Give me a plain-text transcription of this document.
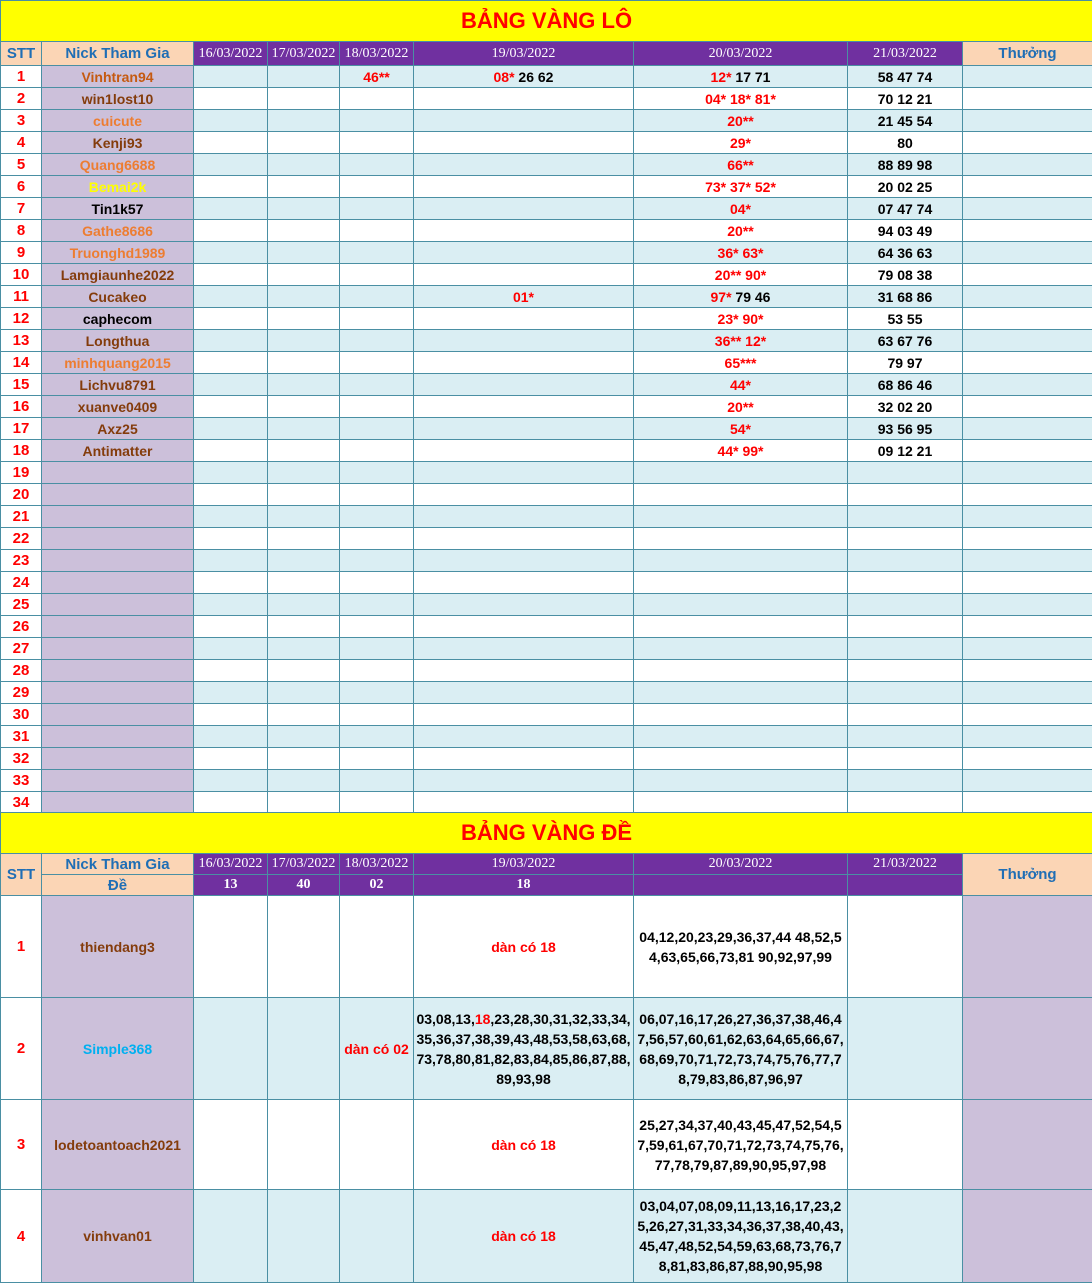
BẢNG VÀNG LÔ									
STT	Nick Tham Gia	16/03/2022	17/03/2022	18/03/2022	19/03/2022	20/03/2022	21/03/2022	Thưởng	
1	Vinhtran94			46**	08* 26 62	12* 17 71	58 47 74		
2	win1lost10					04* 18* 81*	70 12 21		
3	cuicute					20**	21 45 54		
4	Kenji93					29*	80		
5	Quang6688					66**	88 89 98		
6	Bemai2k					73* 37* 52*	20 02 25		
7	Tin1k57					04*	07 47 74		
8	Gathe8686					20**	94 03 49		
9	Truonghd1989					36* 63*	64 36 63		
10	Lamgiaunhe2022					20** 90*	79 08 38		
11	Cucakeo				01*	97* 79 46	31 68 86		
12	caphecom					23* 90*	53 55		
13	Longthua					36** 12*	63 67 76		
14	minhquang2015					65***	79 97		
15	Lichvu8791					44*	68 86 46		
16	xuanve0409					20**	32 02 20		
17	Axz25					54*	93 56 95		
18	Antimatter					44* 99*	09 12 21		
19									
20									
21									
22									
23									
24									
25									
26									
27									
28									
29									
30									
31									
32									
33									
34									
BẢNG VÀNG ĐỀ								
STT	Nick Tham Gia	16/03/2022	17/03/2022	18/03/2022	19/03/2022	20/03/2022	21/03/2022	Thưởng
	Đề	13	40	02	18			
1	thiendang3				dàn có 18	04,12,20,23,29,36,37,44 48,52,54,63,65,66,73,81 90,92,97,99		
2	Simple368			dàn có 02	03,08,13,18,23,28,30,31,32,33,34,35,36,37,38,39,43,48,53,58,63,68,73,78,80,81,82,83,84,85,86,87,88,89,93,98	06,07,16,17,26,27,36,37,38,46,47,56,57,60,61,62,63,64,65,66,67,68,69,70,71,72,73,74,75,76,77,78,79,83,86,87,96,97		
3	lodetoantoach2021				dàn có 18	25,27,34,37,40,43,45,47,52,54,57,59,61,67,70,71,72,73,74,75,76,77,78,79,87,89,90,95,97,98		
4	vinhvan01				dàn có 18	03,04,07,08,09,11,13,16,17,23,25,26,27,31,33,34,36,37,38,40,43,45,47,48,52,54,59,63,68,73,76,78,81,83,86,87,88,90,95,98		
